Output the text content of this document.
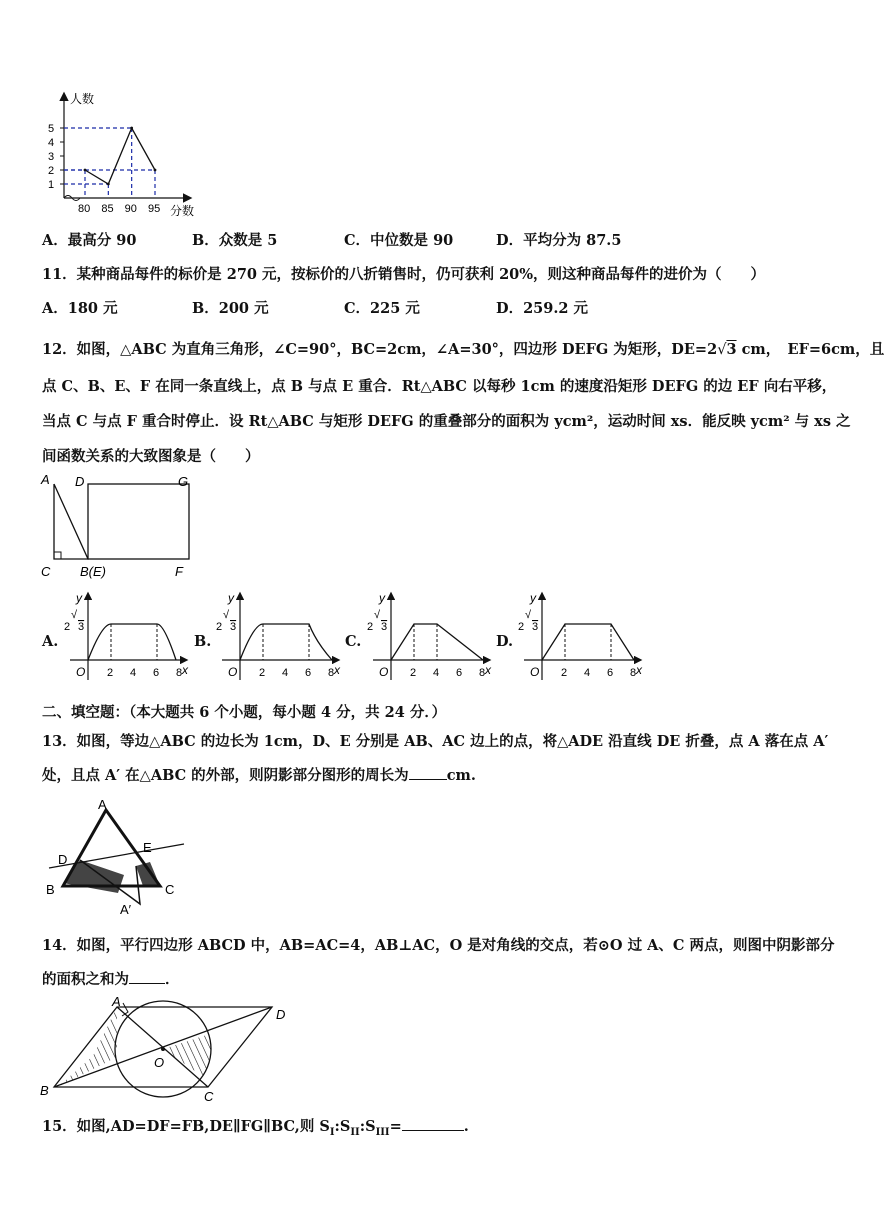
1
2
3
4
5
80 85 90 95
人数
分数
A．最高分 90	B．众数是 5	C．中位数是 90	D．平均分为 87.5
11．某种商品每件的标价是 270 元，按标价的八折销售时，仍可获利 20%，则这种商品每件的进价为（　　）
A．180 元	B．200 元	C．225 元	D．259.2 元
12．如图，△ABC 为直角三角形，∠C=90°，BC=2cm，∠A=30°，四边形 DEFG 为矩形，DE=2√3 cm，　EF=6cm，且
点 C、B、E、F 在同一条直线上，点 B 与点 E 重合．Rt△ABC 以每秒 1cm 的速度沿矩形 DEFG 的边 EF 向右平移，
当点 C 与点 F 重合时停止．设 Rt△ABC 与矩形 DEFG 的重叠部分的面积为 ycm²，运动时间 xs．能反映 ycm² 与 xs 之
间函数关系的大致图象是（　　）
A D	G
C B(E)	F
A.
y
x
O
2
√
3
2 4 6 8
B.
y
x
O
2
√
3
2 4 6 8
C.
y
x
O
2
√
3
2 4 6 8
D.
y
x
O
2
√
3
2 4 6 8
二、填空题：（本大题共 6 个小题，每小题 4 分，共 24 分．）
13．如图，等边△ABC 的边长为 1cm，D、E 分别是 AB、AC 边上的点，将△ADE 沿直线 DE 折叠，点 A 落在点 A′
处，且点 A′ 在△ABC 的外部，则阴影部分图形的周长为	cm.
A
E
D
B	C
A′
14．如图，平行四边形 ABCD 中，AB=AC=4，AB⊥AC，O 是对角线的交点，若⊙O 过 A、C 两点，则图中阴影部分
的面积之和为 ．
A
D
O
B	C
15．如图,AD=DF=FB,DE∥FG∥BC,则 $S_I:S_{II}:S_{III}=$	.
